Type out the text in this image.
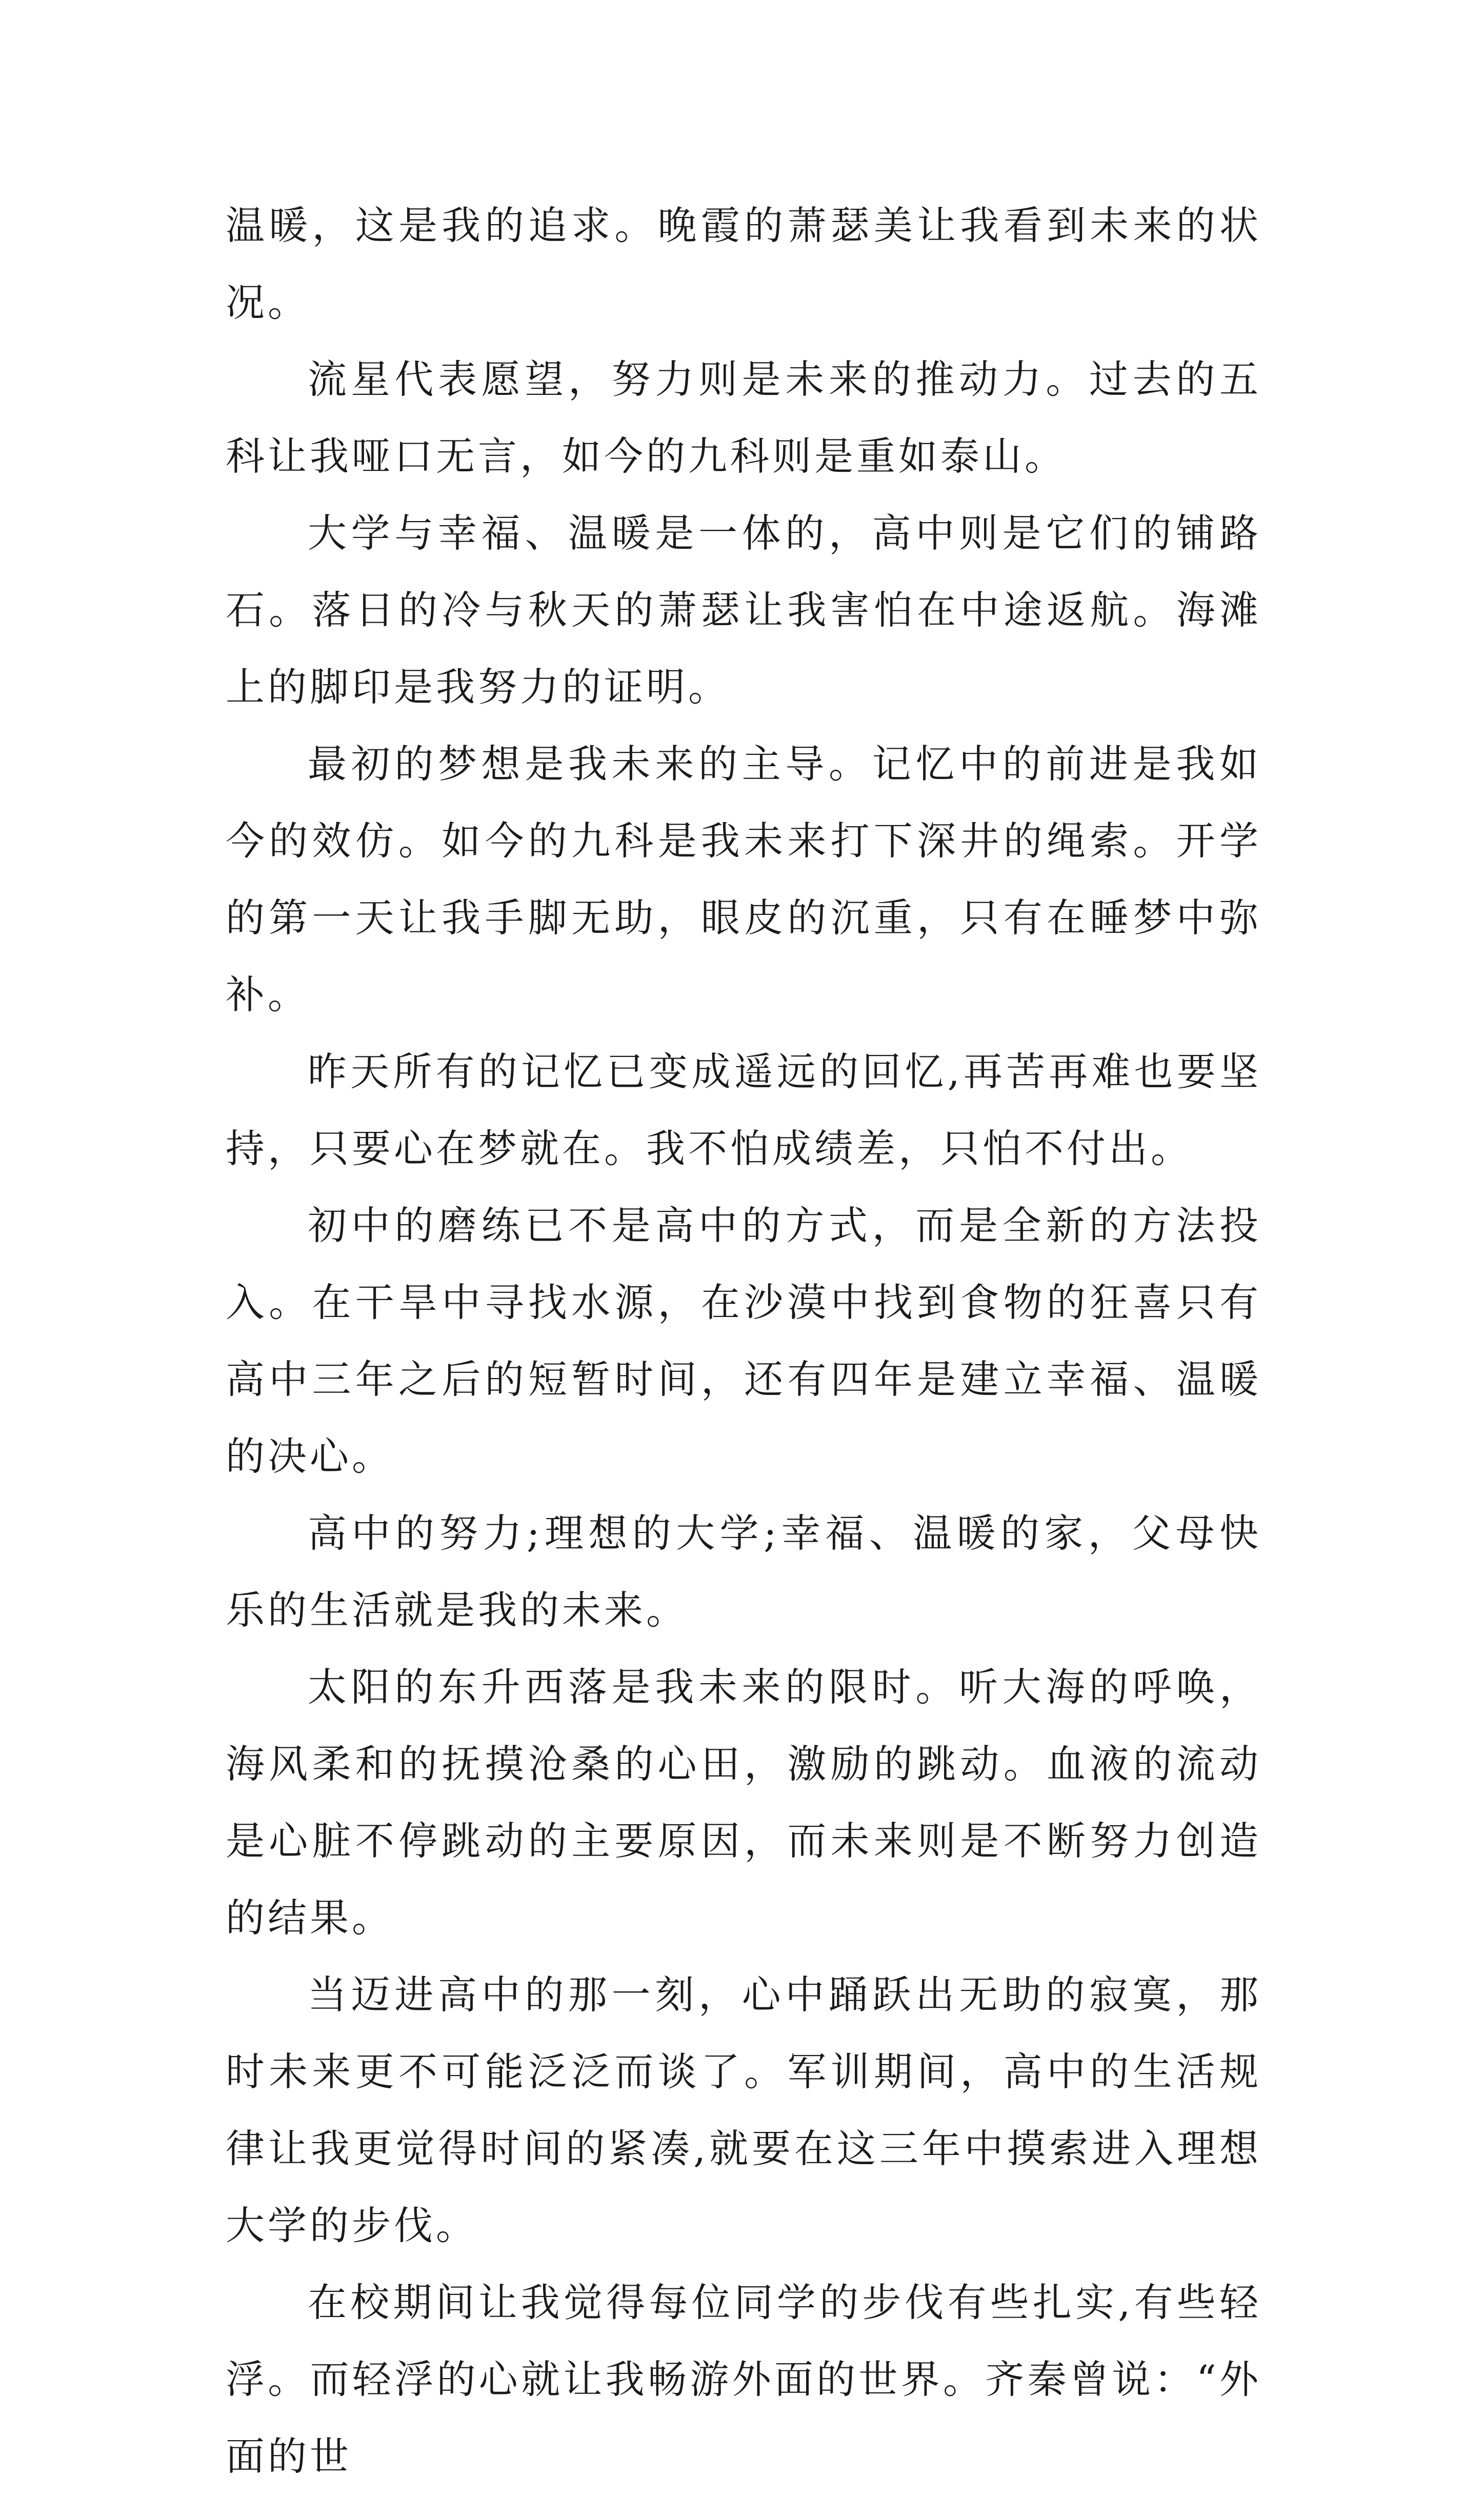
温暖，这是我的追求。晚霞的萧瑟美让我看到未来的状况。

流星代表愿望，努力则是未来的推动力。过去的五科让我哑口无言，如今的九科则是重如泰山。

大学与幸福、温暖是一体的，高中则是它们的铺路石。落日的冷与秋天的萧瑟让我害怕在中途返航。海滩上的脚印是我努力的证明。

最初的梦想是我未来的主导。记忆中的前进是我如今的效仿。如今的九科是我未来打下深井的绳索。开学的第一天让我手脚无助，眼皮的沉重，只有在睡梦中弥补。

昨天所有的记忆已变成遥远的回忆,再苦再难也要坚持，只要心在梦就在。我不怕成绩差，只怕不付出。

初中的磨练已不是高中的方式，而是全新的方法投入。在干旱中寻找水源，在沙漠中找到食物的狂喜只有高中三年之后的短暂时间，还有四年是建立幸福、温暖的决心。

高中的努力;理想的大学;幸福、温暖的家，父母快乐的生活就是我的未来。

太阳的东升西落是我未来的限时。听大海的呼唤，海风柔和的抚摸沧桑的心田，激励的跳动。血液的流动是心脏不停跳动的主要原因，而未来则是不断努力创造的结果。

当迈进高中的那一刻，心中踊跃出无助的寂寞，那时未来更不可能泛泛而谈了。军训期间，高中的生活规律让我更觉得时间的紧凑,就要在这三年中摸索进入理想大学的步伐。

在校期间让我觉得每位同学的步伐有些扎实,有些轻浮。而轻浮的心就让我畅游外面的世界。齐秦曾说：“外面的世
